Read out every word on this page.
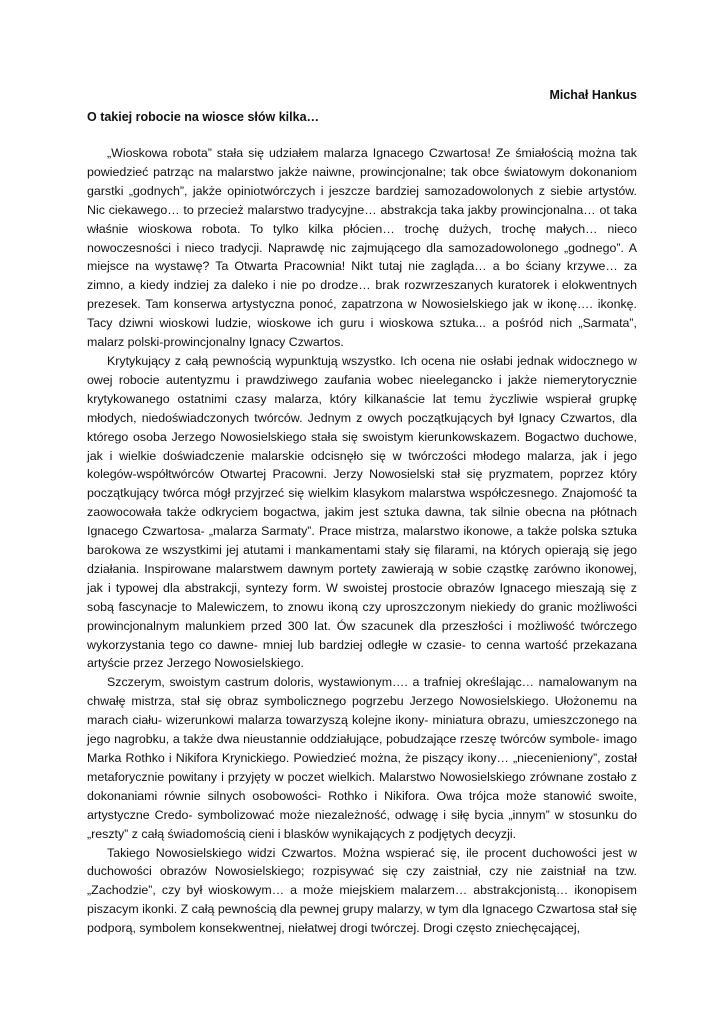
Michał Hankus
O takiej robocie na wiosce słów kilka…

„Wioskowa robota” stała się udziałem malarza Ignacego Czwartosa! Ze śmiałością można tak powiedzieć patrząc na malarstwo jakże naiwne, prowincjonalne; tak obce światowym dokonaniom garstki „godnych”, jakże opiniotwórczych i jeszcze bardziej samozadowolonych z siebie artystów. Nic ciekawego… to przecież malarstwo tradycyjne… abstrakcja taka jakby prowincjonalna… ot taka właśnie wioskowa robota. To tylko kilka płócien… trochę dużych, trochę małych… nieco nowoczesności i nieco tradycji. Naprawdę nic zajmującego dla samozadowolonego „godnego”. A miejsce na wystawę? Ta Otwarta Pracownia! Nikt tutaj nie zagląda… a bo ściany krzywe… za zimno, a kiedy indziej za daleko i nie po drodze… brak rozwrzeszanych kuratorek i elokwentnych prezesek. Tam konserwa artystyczna ponoć, zapatrzona w Nowosielskiego jak w ikonę…. ikonkę. Tacy dziwni wioskowi ludzie, wioskowe ich guru i wioskowa sztuka... a pośród nich „Sarmata”, malarz polski-prowincjonalny Ignacy Czwartos.

Krytykujący z całą pewnością wypunktują wszystko. Ich ocena nie osłabi jednak widocznego w owej robocie autentyzmu i prawdziwego zaufania wobec nieelegancko i jakże niemerytorycznie krytykowanego ostatnimi czasy malarza, który kilkanaście lat temu życzliwie wspierał grupkę młodych, niedoświadczonych twórców. Jednym z owych początkujących był Ignacy Czwartos, dla którego osoba Jerzego Nowosielskiego stała się swoistym kierunkowskazem. Bogactwo duchowe, jak i wielkie doświadczenie malarskie odcisnęło się w twórczości młodego malarza, jak i jego kolegów-współtwórców Otwartej Pracowni. Jerzy Nowosielski stał się pryzmatem, poprzez który początkujący twórca mógł przyjrzeć się wielkim klasykom malarstwa współczesnego. Znajomość ta zaowocowała także odkryciem bogactwa, jakim jest sztuka dawna, tak silnie obecna na płótnach Ignacego Czwartosa- „malarza Sarmaty”. Prace mistrza, malarstwo ikonowe, a także polska sztuka barokowa ze wszystkimi jej atutami i mankamentami stały się filarami, na których opierają się jego działania. Inspirowane malarstwem dawnym portety zawierają w sobie cząstkę zarówno ikonowej, jak i typowej dla abstrakcji, syntezy form. W swoistej prostocie obrazów Ignacego mieszają się z sobą fascynacje to Malewiczem, to znowu ikoną czy uproszczonym niekiedy do granic możliwości prowincjonalnym malunkiem przed 300 lat. Ów szacunek dla przeszłości i możliwość twórczego wykorzystania tego co dawne- mniej lub bardziej odległe w czasie- to cenna wartość przekazana artyście przez Jerzego Nowosielskiego.

Szczerym, swoistym castrum doloris, wystawionym…. a trafniej określając… namalowanym na chwałę mistrza, stał się obraz symbolicznego pogrzebu Jerzego Nowosielskiego. Ułożonemu na marach ciału- wizerunkowi malarza towarzyszą kolejne ikony- miniatura obrazu, umieszczonego na jego nagrobku, a także dwa nieustannie oddziałujące, pobudzające rzeszę twórców symbole- imago Marka Rothko i Nikifora Krynickiego. Powiedzieć można, że piszący ikony… „niecenieniony”, został metaforycznie powitany i przyjęty w poczet wielkich. Malarstwo Nowosielskiego zrównane zostało z dokonaniami równie silnych osobowości- Rothko i Nikifora. Owa trójca może stanowić swoite, artystyczne Credo- symbolizować może niezależność, odwagę i siłę bycia „innym” w stosunku do „reszty” z całą świadomością cieni i blasków wynikających z podjętych decyzji.

Takiego Nowosielskiego widzi Czwartos. Można wspierać się, ile procent duchowości jest w duchowości obrazów Nowosielskiego; rozpisywać się czy zaistniał, czy nie zaistniał na tzw. „Zachodzie”, czy był wioskowym… a może miejskiem malarzem… abstrakcjonistą… ikonopisem piszacym ikonki. Z całą pewnością dla pewnej grupy malarzy, w tym dla Ignacego Czwartosa stał się podporą, symbolem konsekwentnej, niełatwej drogi twórczej. Drogi często zniechęcającej,
